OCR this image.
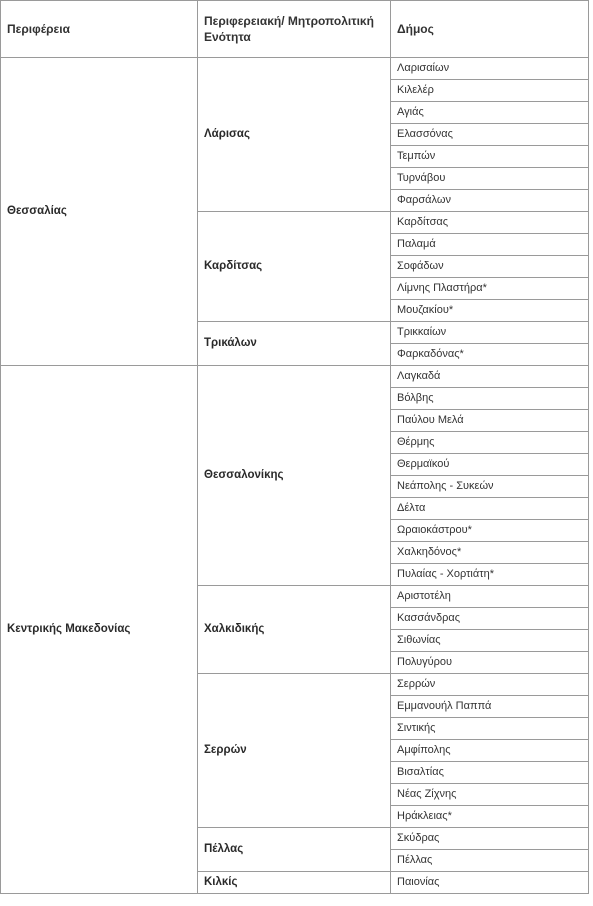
Περιφέρεια	Περιφερειακή/ Μητροπολιτική Ενότητα	Δήμος
Θεσσαλίας	Λάρισας	Λαρισαίων
		Κιλελέρ
		Αγιάς
		Ελασσόνας
		Τεμπών
		Τυρνάβου
		Φαρσάλων
	Καρδίτσας	Καρδίτσας
		Παλαμά
		Σοφάδων
		Λίμνης Πλαστήρα*
		Μουζακίου*
	Τρικάλων	Τρικκαίων
		Φαρκαδόνας*
Κεντρικής Μακεδονίας	Θεσσαλονίκης	Λαγκαδά
		Βόλβης
		Παύλου Μελά
		Θέρμης
		Θερμαϊκού
		Νεάπολης - Συκεών
		Δέλτα
		Ωραιοκάστρου*
		Χαλκηδόνος*
		Πυλαίας - Χορτιάτη*
	Χαλκιδικής	Αριστοτέλη
		Κασσάνδρας
		Σιθωνίας
		Πολυγύρου
	Σερρών	Σερρών
		Εμμανουήλ Παππά
		Σιντικής
		Αμφίπολης
		Βισαλτίας
		Νέας Ζίχνης
		Ηράκλειας*
	Πέλλας	Σκύδρας
		Πέλλας
	Κιλκίς	Παιονίας
